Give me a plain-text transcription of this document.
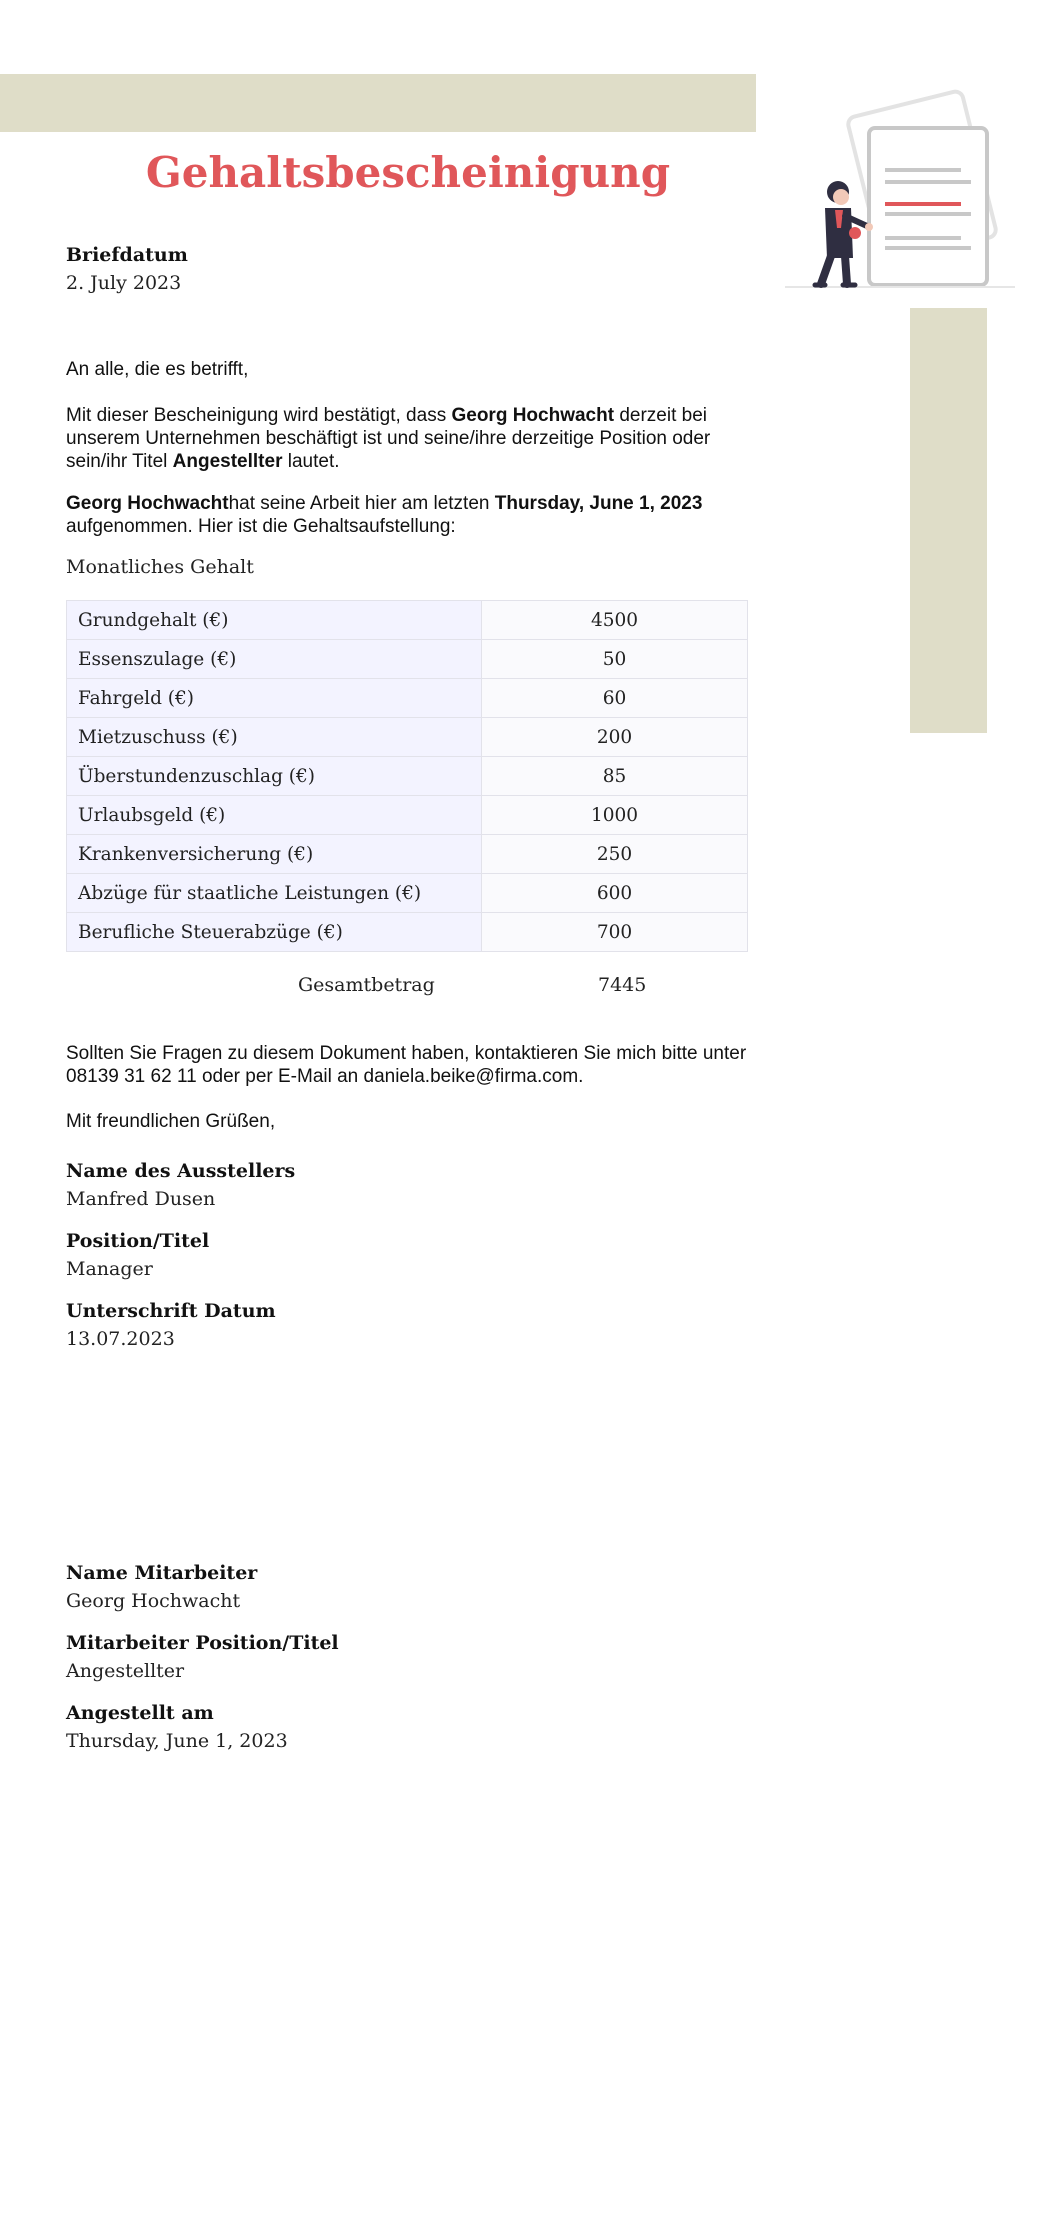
Gehaltsbescheinigung
Briefdatum
2. July 2023

An alle, die es betrifft,

Mit dieser Bescheinigung wird bestätigt, dass Georg Hochwacht derzeit bei unserem Unternehmen beschäftigt ist und seine/ihre derzeitige Position oder sein/ihr Titel Angestellter lautet.

Georg Hochwachthat seine Arbeit hier am letzten Thursday, June 1, 2023 aufgenommen. Hier ist die Gehaltsaufstellung:

Monatliches Gehalt
Grundgehalt (€)	4500
Essenszulage (€)	50
Fahrgeld (€)	60
Mietzuschuss (€)	200
Überstundenzuschlag (€)	85
Urlaubsgeld (€)	1000
Krankenversicherung (€)	250
Abzüge für staatliche Leistungen (€)	600
Berufliche Steuerabzüge (€)	700
Gesamtbetrag	7445

Sollten Sie Fragen zu diesem Dokument haben, kontaktieren Sie mich bitte unter 08139 31 62 11 oder per E-Mail an daniela.beike@firma.com.

Mit freundlichen Grüßen,

Name des Ausstellers
Manfred Dusen
Position/Titel
Manager
Unterschrift Datum
13.07.2023
Name Mitarbeiter
Georg Hochwacht
Mitarbeiter Position/Titel
Angestellter
Angestellt am
Thursday, June 1, 2023
